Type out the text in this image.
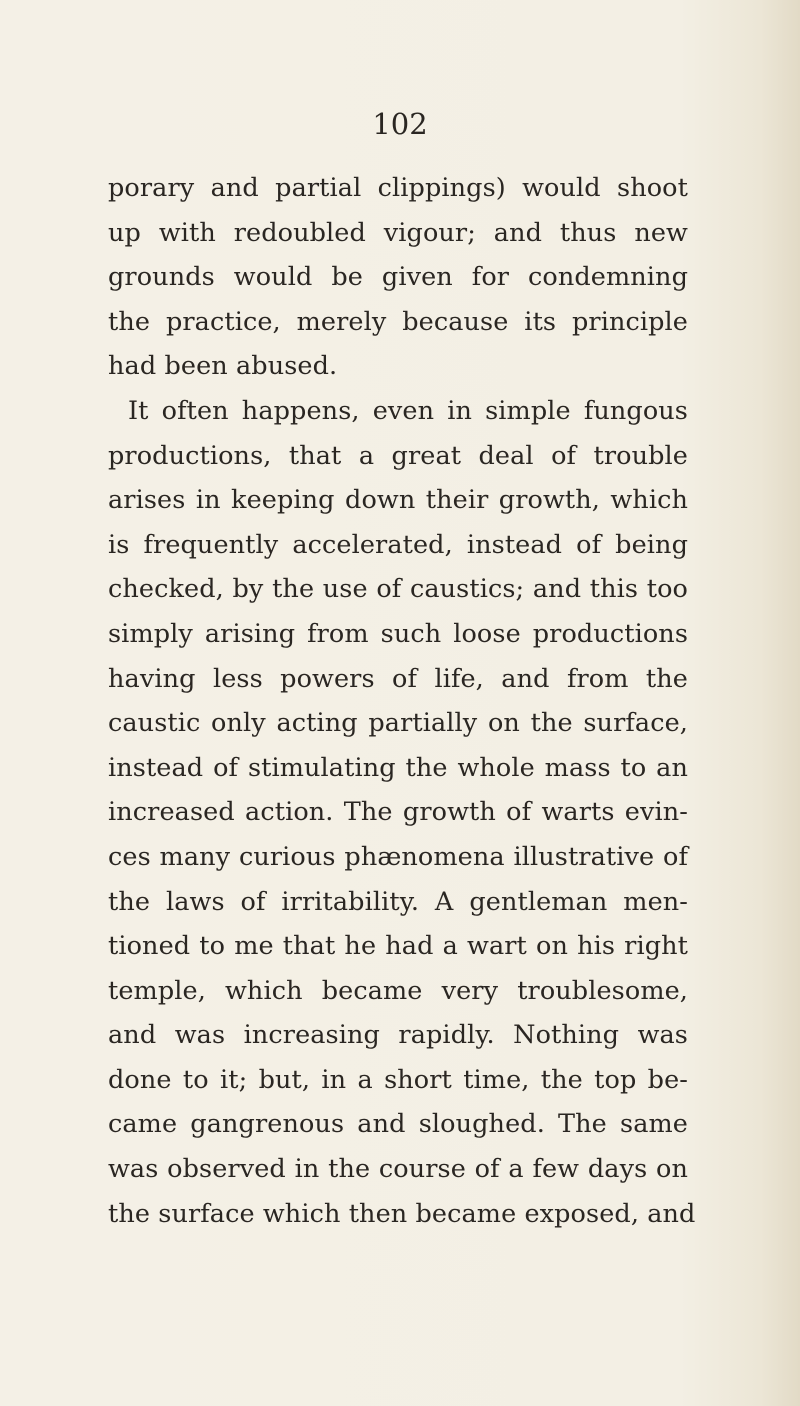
102
porary and partial clippings) would shoot
up with redoubled vigour; and thus new
grounds would be given for condemning
the practice, merely because its principle
had been abused.
It often happens, even in simple fungous
productions, that a great deal of trouble
arises in keeping down their growth, which
is frequently accelerated, instead of being
checked, by the use of caustics; and this too
simply arising from such loose productions
having less powers of life, and from the
caustic only acting partially on the surface,
instead of stimulating the whole mass to an
increased action. The growth of warts evin-
ces many curious phænomena illustrative of
the laws of irritability. A gentleman men-
tioned to me that he had a wart on his right
temple, which became very troublesome,
and was increasing rapidly. Nothing was
done to it; but, in a short time, the top be-
came gangrenous and sloughed. The same
was observed in the course of a few days on
the surface which then became exposed, and
